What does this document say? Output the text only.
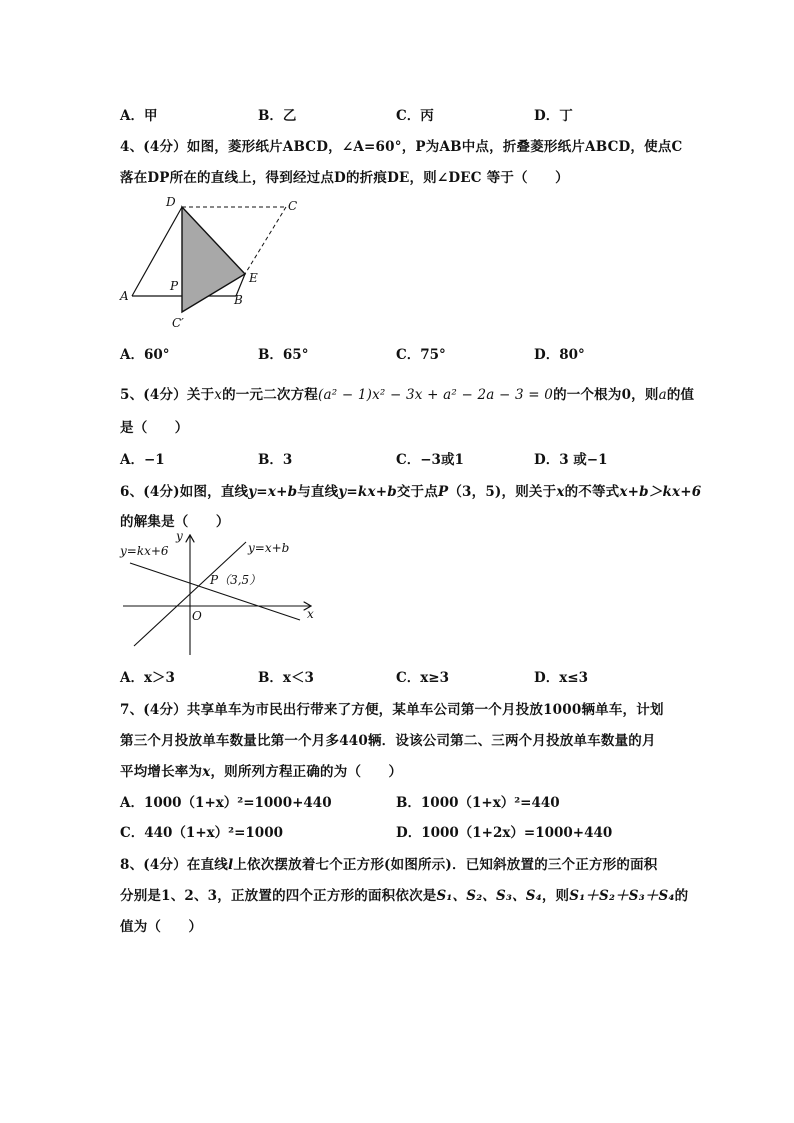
A．甲	B．乙	C．丙	D．丁
4、(4分）如图，菱形纸片ABCD，∠A=60°，P为AB中点，折叠菱形纸片ABCD，使点C
落在DP所在的直线上，得到经过点D的折痕DE，则∠DEC 等于（　　）
D	C
A
P
E
B
C′
A．60°	B．65°	C．75°	D．80°
5、(4分）关于x的一元二次方程(a² − 1)x² − 3x + a² − 2a − 3 = 0的一个根为0，则a的值
是（　　）
A．−1	B．3	C．−3或1	D．3 或−1
6、(4分)如图，直线y=x+b与直线y=kx+b交于点P（3，5)，则关于x的不等式x+b＞kx+6
的解集是（　　）
y
x
O
y=kx+6	y=x+b
P（3,5）
A．x＞3	B．x＜3	C．x≥3	D．x≤3
7、(4分）共享单车为市民出行带来了方便，某单车公司第一个月投放1000辆单车，计划
第三个月投放单车数量比第一个月多440辆．设该公司第二、三两个月投放单车数量的月
平均增长率为x，则所列方程正确的为（　　）
A．1000（1+x）²=1000+440	B．1000（1+x）²=440
C．440（1+x）²=1000	D．1000（1+2x）=1000+440
8、(4分）在直线l上依次摆放着七个正方形(如图所示)．已知斜放置的三个正方形的面积
分别是1、2、3，正放置的四个正方形的面积依次是S₁、S₂、S₃、S₄，则S₁＋S₂＋S₃＋S₄的
值为（　　）
